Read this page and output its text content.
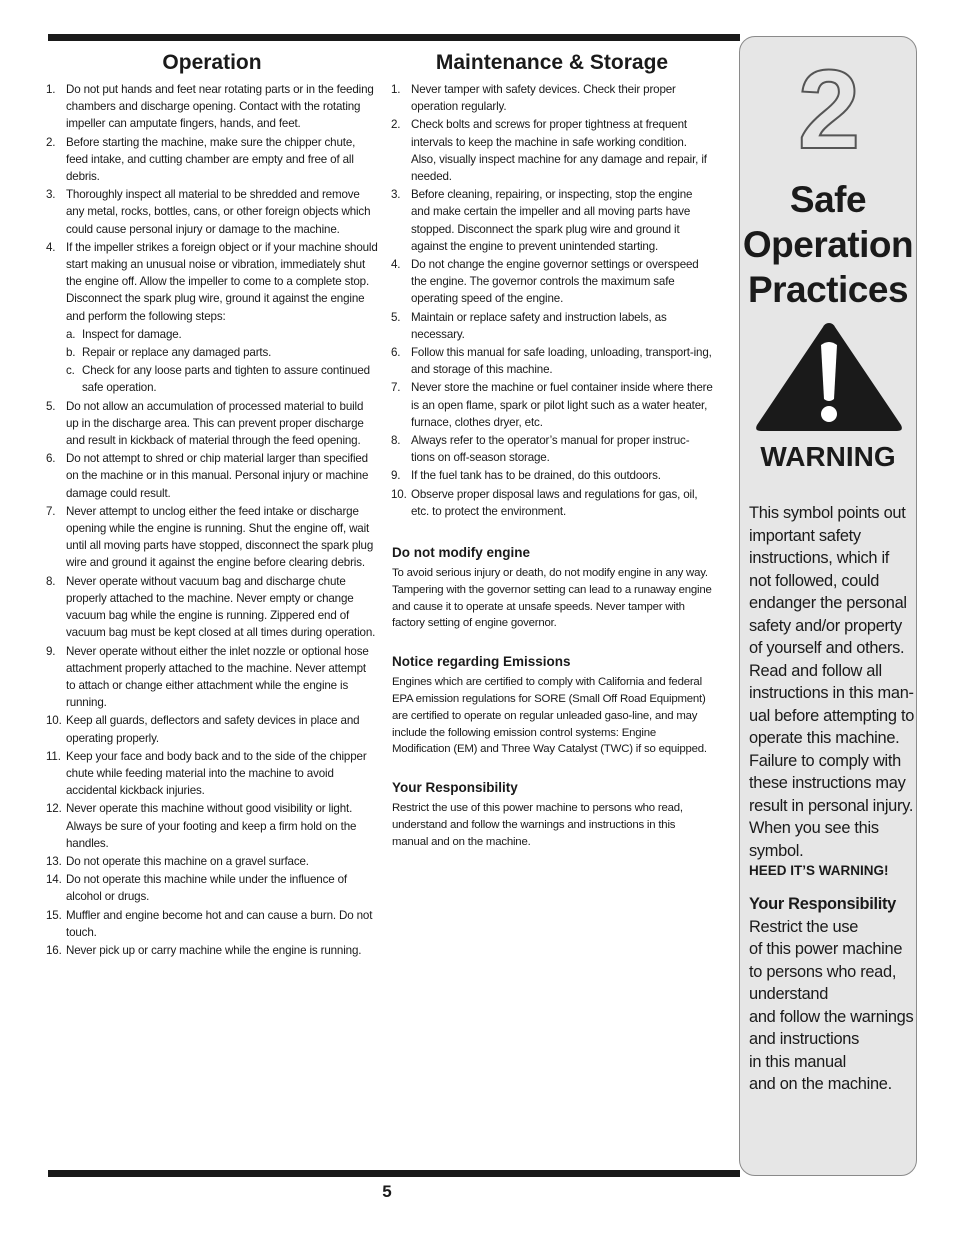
Operation
1. Do not put hands and feet near rotating parts or in the feeding chambers and discharge opening. Contact with the rotating impeller can amputate fingers, hands, and feet.
2. Before starting the machine, make sure the chipper chute, feed intake, and cutting chamber are empty and free of all debris.
3. Thoroughly inspect all material to be shredded and remove any metal, rocks, bottles, cans, or other foreign objects which could cause personal injury or damage to the machine.
4. If the impeller strikes a foreign object or if your machine should start making an unusual noise or vibration, immediately shut the engine off. Allow the impeller to come to a complete stop. Disconnect the spark plug wire, ground it against the engine and perform the following steps:
a. Inspect for damage.
b. Repair or replace any damaged parts.
c. Check for any loose parts and tighten to assure continued safe operation.
5. Do not allow an accumulation of processed material to build up in the discharge area. This can prevent proper discharge and result in kickback of material through the feed opening.
6. Do not attempt to shred or chip material larger than specified on the machine or in this manual. Personal injury or machine damage could result.
7. Never attempt to unclog either the feed intake or discharge opening while the engine is running. Shut the engine off, wait until all moving parts have stopped, disconnect the spark plug wire and ground it against the engine before clearing debris.
8. Never operate without vacuum bag and discharge chute properly attached to the machine. Never empty or change vacuum bag while the engine is running. Zippered end of vacuum bag must be kept closed at all times during operation.
9. Never operate without either the inlet nozzle or optional hose attachment properly attached to the machine. Never attempt to attach or change either attachment while the engine is running.
10. Keep all guards, deflectors and safety devices in place and operating properly.
11. Keep your face and body back and to the side of the chipper chute while feeding material into the machine to avoid accidental kickback injuries.
12. Never operate this machine without good visibility or light. Always be sure of your footing and keep a firm hold on the handles.
13. Do not operate this machine on a gravel surface.
14. Do not operate this machine while under the influence of alcohol or drugs.
15. Muffler and engine become hot and can cause a burn. Do not touch.
16. Never pick up or carry machine while the engine is running.
Maintenance & Storage
1. Never tamper with safety devices. Check their proper operation regularly.
2. Check bolts and screws for proper tightness at frequent intervals to keep the machine in safe working condition. Also, visually inspect machine for any damage and repair, if needed.
3. Before cleaning, repairing, or inspecting, stop the engine and make certain the impeller and all moving parts have stopped. Disconnect the spark plug wire and ground it against the engine to prevent unintended starting.
4. Do not change the engine governor settings or overspeed the engine. The governor controls the maximum safe operating speed of the engine.
5. Maintain or replace safety and instruction labels, as necessary.
6. Follow this manual for safe loading, unloading, transport-ing, and storage of this machine.
7. Never store the machine or fuel container inside where there is an open flame, spark or pilot light such as a water heater, furnace, clothes dryer, etc.
8. Always refer to the operator’s manual for proper instruc-tions on off-season storage.
9. If the fuel tank has to be drained, do this outdoors.
10. Observe proper disposal laws and regulations for gas, oil, etc. to protect the environment.
Do not modify engine

To avoid serious injury or death, do not modify engine in any way. Tampering with the governor setting can lead to a runaway engine and cause it to operate at unsafe speeds. Never tamper with factory setting of engine governor.

Notice regarding Emissions

Engines which are certified to comply with California and federal EPA emission regulations for SORE (Small Off Road Equipment) are certified to operate on regular unleaded gaso-line, and may include the following emission control systems: Engine Modification (EM) and Three Way Catalyst (TWC) if so equipped.

Your Responsibility

Restrict the use of this power machine to persons who read, understand and follow the warnings and instructions in this manual and on the machine.

2
Safe
Operation
Practices
WARNING

This symbol points out important safety instructions, which if not followed, could endanger the personal safety and/or property of yourself and others. Read and follow all instructions in this man-ual before attempting to operate this machine. Failure to comply with these instructions may result in personal injury. When you see this symbol.

HEED IT’S WARNING!

Your Responsibility

Restrict the use

of this power machine

to persons who read,

understand

and follow the warnings

and instructions

in this manual

and on the machine.

5
